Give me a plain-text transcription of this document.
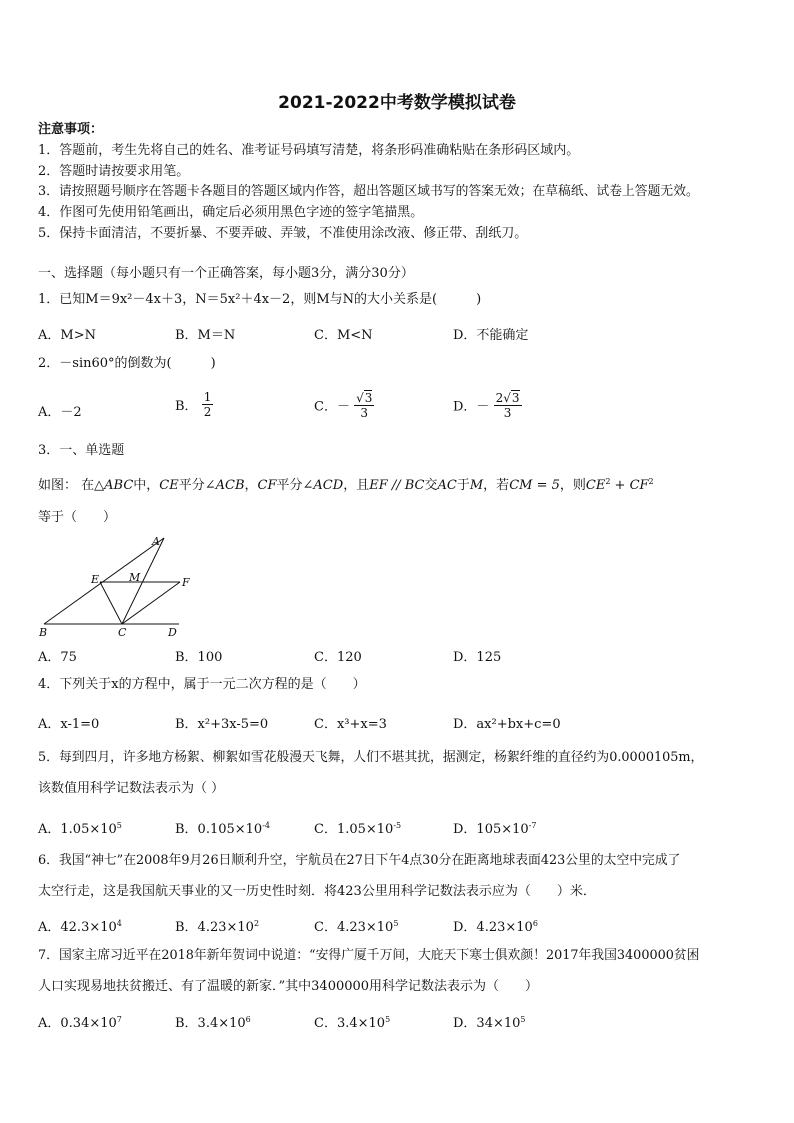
2021-2022中考数学模拟试卷
注意事项：
1．答题前，考生先将自己的姓名、准考证号码填写清楚，将条形码准确粘贴在条形码区域内。
2．答题时请按要求用笔。
3．请按照题号顺序在答题卡各题目的答题区域内作答，超出答题区域书写的答案无效；在草稿纸、试卷上答题无效。
4．作图可先使用铅笔画出，确定后必须用黑色字迹的签字笔描黑。
5．保持卡面清洁，不要折暴、不要弄破、弄皱，不准使用涂改液、修正带、刮纸刀。
一、选择题（每小题只有一个正确答案，每小题3分，满分30分）
1．已知M＝9x²－4x＋3，N＝5x²＋4x－2，则M与N的大小关系是(　　　)
A．M>N	B．M＝N	C．M<N	D．不能确定
2．－sin60°的倒数为(　　　)
A．－2	B． $\frac{1}{2}$	C．－ $\frac{√3}{3}$	D．－ $\frac{2√3}{3}$
3．一、单选题
如图： 在△ABC中，CE平分∠ACB，CF平分∠ACD，且EF // BC交AC于M，若CM = 5，则$CE^2 + CF^2$
等于（　　）
A
E	M	F
B	C	D
A．75	B．100	C．120	D．125
4．下列关于x的方程中，属于一元二次方程的是（　　）
A．x-1=0	B．x²+3x-5=0	C．x³+x=3	D．ax²+bx+c=0
5．每到四月，许多地方杨絮、柳絮如雪花般漫天飞舞，人们不堪其扰，据测定，杨絮纤维的直径约为0.0000105m，
该数值用科学记数法表示为（ ）
A．$1.05\times 10^5$	B．$0.105\times 10^{-4}$	C．$1.05\times 10^{-5}$	D．$105\times 10^{-7}$
6．我国“神七”在2008年9月26日顺利升空，宇航员在27日下午4点30分在距离地球表面423公里的太空中完成了
太空行走，这是我国航天事业的又一历史性时刻．将423公里用科学记数法表示应为（　　）米．
A．$42.3\times 10^4$	B．$4.23\times 10^2$	C．$4.23\times 10^5$	D．$4.23\times 10^6$
7．国家主席习近平在2018年新年贺词中说道：“安得广厦千万间，大庇天下寒士俱欢颜！2017年我国3400000贫困
人口实现易地扶贫搬迁、有了温暖的新家．”其中3400000用科学记数法表示为（　　）
A．$0.34\times 10^7$	B．$3.4\times 10^6$	C．$3.4\times 10^5$	D．$34\times 10^5$
